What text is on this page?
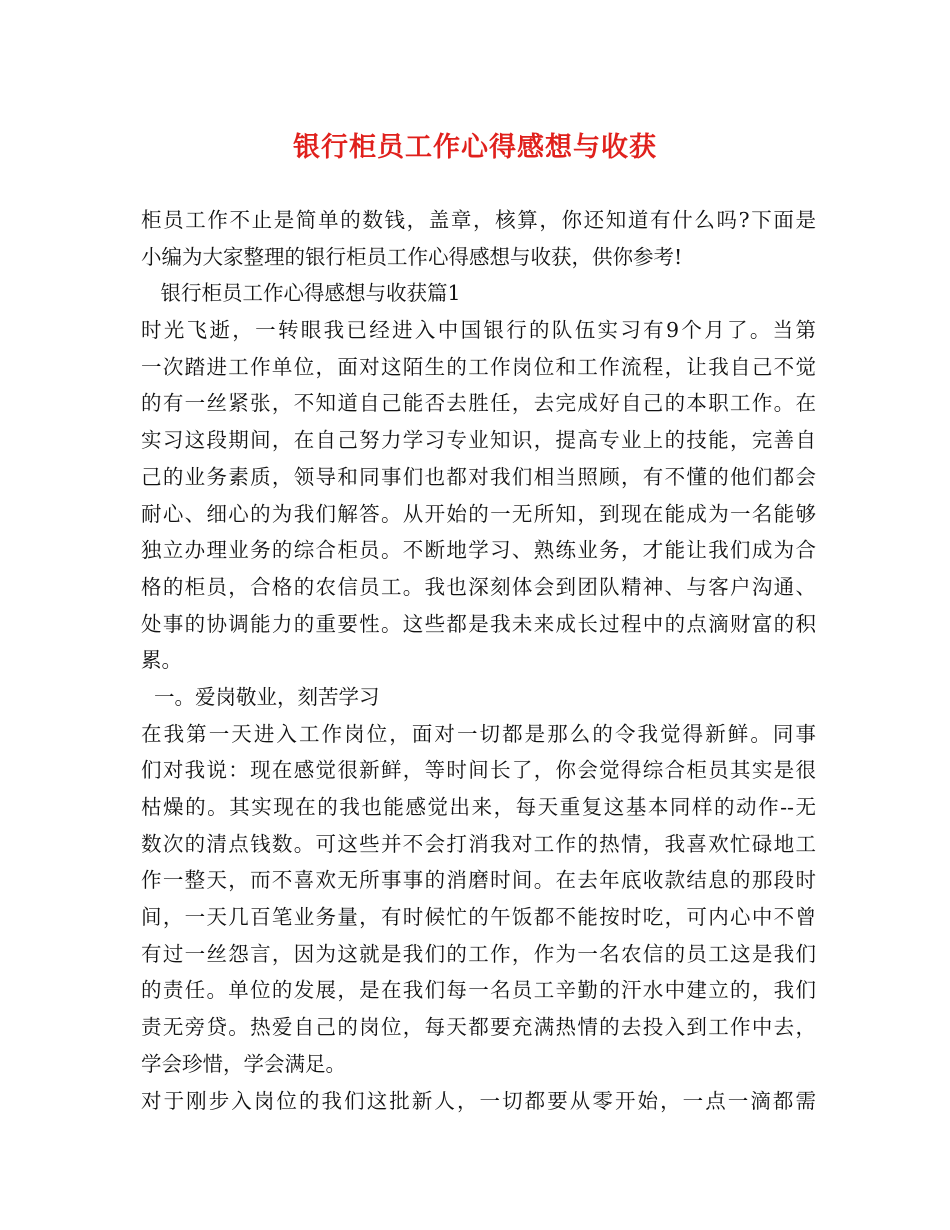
银行柜员工作心得感想与收获
柜员工作不止是简单的数钱，盖章，核算，你还知道有什么吗?下面是
小编为大家整理的银行柜员工作心得感想与收获，供你参考!
银行柜员工作心得感想与收获篇1
时光飞逝，一转眼我已经进入中国银行的队伍实习有9个月了。当第
一次踏进工作单位，面对这陌生的工作岗位和工作流程，让我自己不觉
的有一丝紧张，不知道自己能否去胜任，去完成好自己的本职工作。在
实习这段期间，在自己努力学习专业知识，提高专业上的技能，完善自
己的业务素质，领导和同事们也都对我们相当照顾，有不懂的他们都会
耐心、细心的为我们解答。从开始的一无所知，到现在能成为一名能够
独立办理业务的综合柜员。不断地学习、熟练业务，才能让我们成为合
格的柜员，合格的农信员工。我也深刻体会到团队精神、与客户沟通、
处事的协调能力的重要性。这些都是我未来成长过程中的点滴财富的积
累。
一。爱岗敬业，刻苦学习
在我第一天进入工作岗位，面对一切都是那么的令我觉得新鲜。同事
们对我说：现在感觉很新鲜，等时间长了，你会觉得综合柜员其实是很
枯燥的。其实现在的我也能感觉出来，每天重复这基本同样的动作--无
数次的清点钱数。可这些并不会打消我对工作的热情，我喜欢忙碌地工
作一整天，而不喜欢无所事事的消磨时间。在去年底收款结息的那段时
间，一天几百笔业务量，有时候忙的午饭都不能按时吃，可内心中不曾
有过一丝怨言，因为这就是我们的工作，作为一名农信的员工这是我们
的责任。单位的发展，是在我们每一名员工辛勤的汗水中建立的，我们
责无旁贷。热爱自己的岗位，每天都要充满热情的去投入到工作中去，
学会珍惜，学会满足。
对于刚步入岗位的我们这批新人，一切都要从零开始，一点一滴都需
